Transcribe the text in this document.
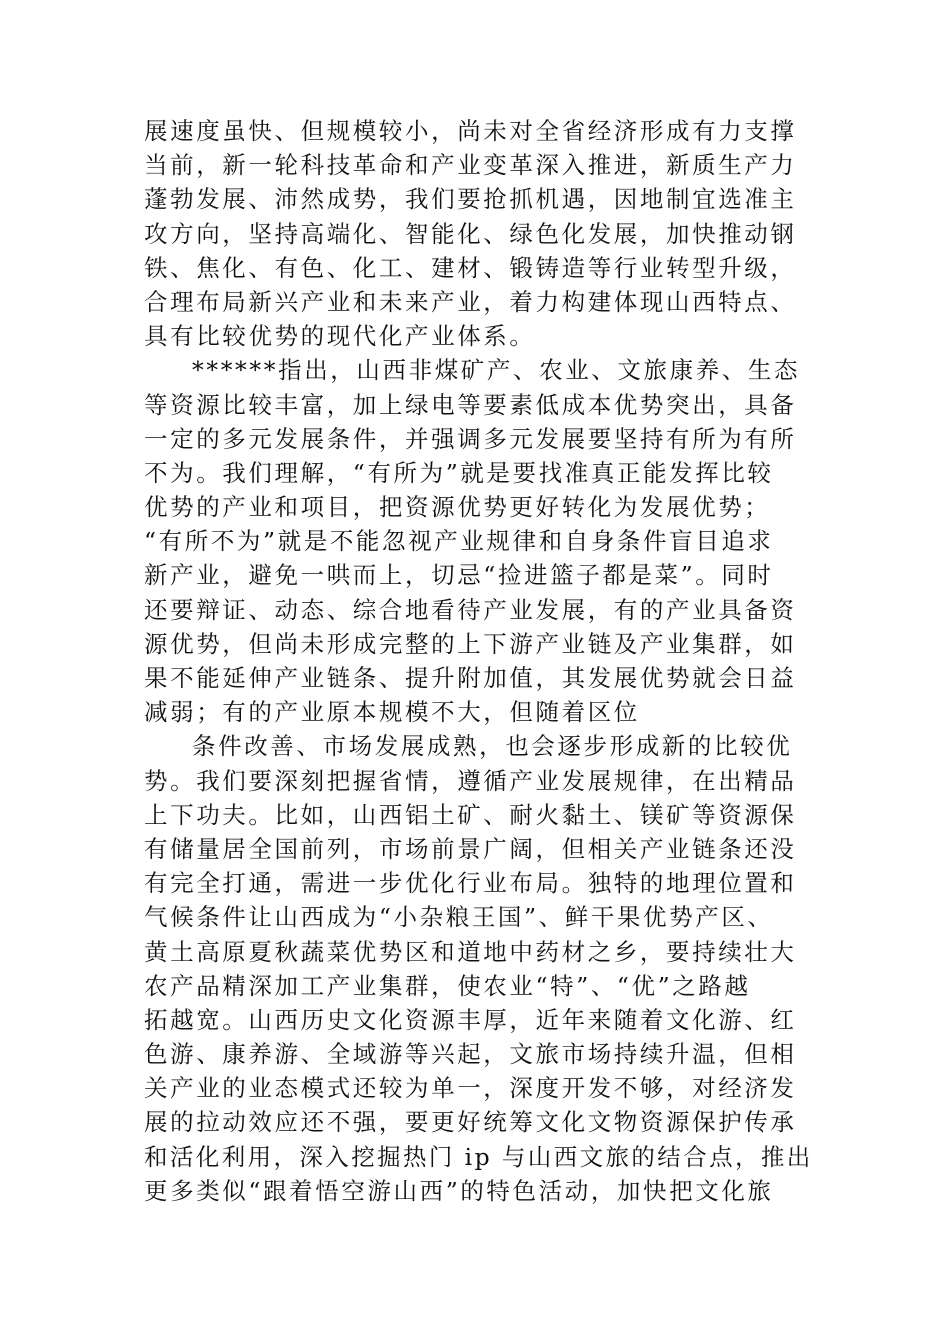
展速度虽快、但规模较小，尚未对全省经济形成有力支撑
当前，新一轮科技革命和产业变革深入推进，新质生产力
蓬勃发展、沛然成势，我们要抢抓机遇，因地制宜选准主
攻方向，坚持高端化、智能化、绿色化发展，加快推动钢
铁、焦化、有色、化工、建材、锻铸造等行业转型升级，
合理布局新兴产业和未来产业，着力构建体现山西特点、
具有比较优势的现代化产业体系。
******指出，山西非煤矿产、农业、文旅康养、生态
等资源比较丰富，加上绿电等要素低成本优势突出，具备
一定的多元发展条件，并强调多元发展要坚持有所为有所
不为。我们理解，“有所为”就是要找准真正能发挥比较
优势的产业和项目，把资源优势更好转化为发展优势；
“有所不为”就是不能忽视产业规律和自身条件盲目追求
新产业，避免一哄而上，切忌“捡进篮子都是菜”。同时
还要辩证、动态、综合地看待产业发展，有的产业具备资
源优势，但尚未形成完整的上下游产业链及产业集群，如
果不能延伸产业链条、提升附加值，其发展优势就会日益
减弱；有的产业原本规模不大，但随着区位
条件改善、市场发展成熟，也会逐步形成新的比较优
势。我们要深刻把握省情，遵循产业发展规律，在出精品
上下功夫。比如，山西铝土矿、耐火黏土、镁矿等资源保
有储量居全国前列，市场前景广阔，但相关产业链条还没
有完全打通，需进一步优化行业布局。独特的地理位置和
气候条件让山西成为“小杂粮王国”、鲜干果优势产区、
黄土高原夏秋蔬菜优势区和道地中药材之乡，要持续壮大
农产品精深加工产业集群，使农业“特”、“优”之路越
拓越宽。山西历史文化资源丰厚，近年来随着文化游、红
色游、康养游、全域游等兴起，文旅市场持续升温，但相
关产业的业态模式还较为单一，深度开发不够，对经济发
展的拉动效应还不强，要更好统筹文化文物资源保护传承
和活化利用，深入挖掘热门 ip 与山西文旅的结合点，推出
更多类似“跟着悟空游山西”的特色活动，加快把文化旅
